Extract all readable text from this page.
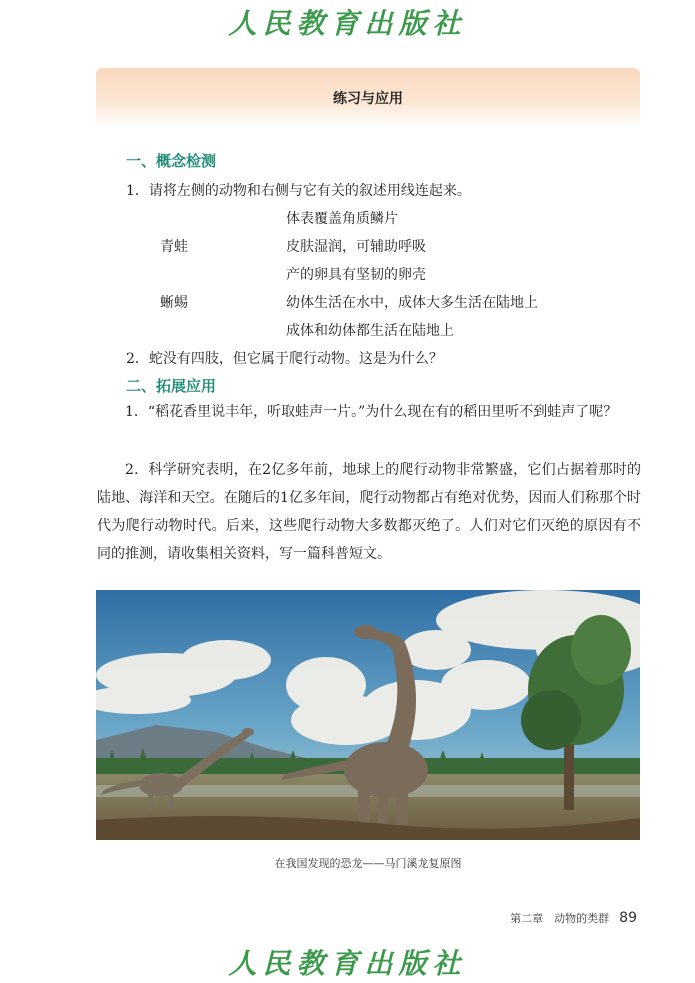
人民教育出版社
练习与应用
一、概念检测
1．请将左侧的动物和右侧与它有关的叙述用线连起来。
体表覆盖角质鳞片
青蛙	皮肤湿润，可辅助呼吸
产的卵具有坚韧的卵壳
蜥蜴	幼体生活在水中，成体大多生活在陆地上
成体和幼体都生活在陆地上
2．蛇没有四肢，但它属于爬行动物。这是为什么？
二、拓展应用
1．“稻花香里说丰年，听取蛙声一片。”为什么现在有的稻田里听不到蛙声了呢？
2．科学研究表明，在2亿多年前，地球上的爬行动物非常繁盛，它们占据着那时的陆地、海洋和天空。在随后的1亿多年间，爬行动物都占有绝对优势，因而人们称那个时代为爬行动物时代。后来，这些爬行动物大多数都灭绝了。人们对它们灭绝的原因有不同的推测，请收集相关资料，写一篇科普短文。
在我国发现的恐龙——马门溪龙复原图
第二章　动物的类群 89
人民教育出版社
